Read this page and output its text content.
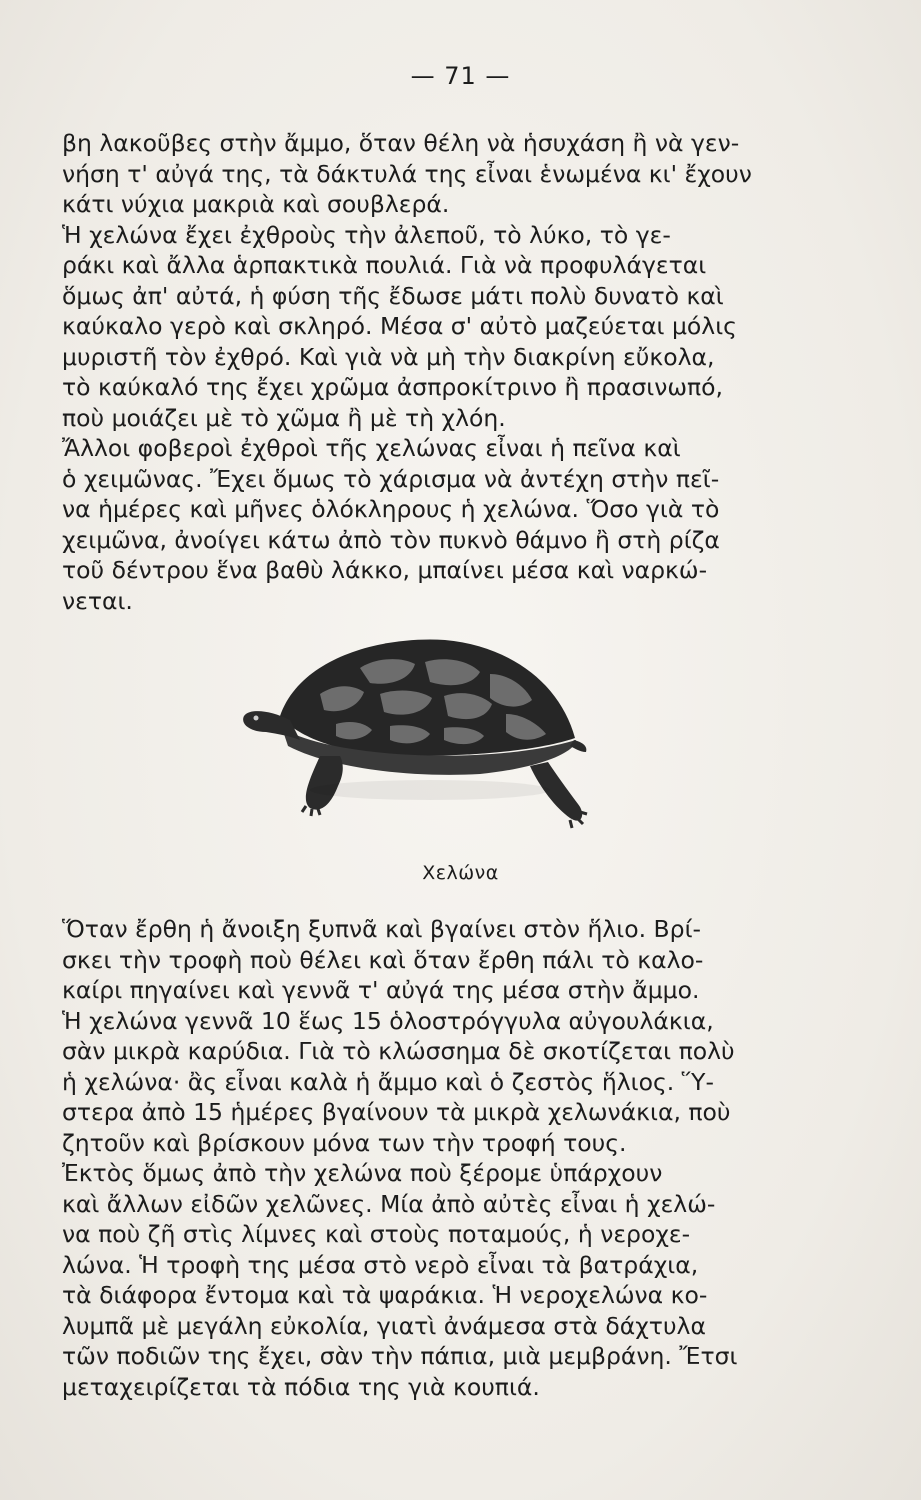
— 71 —

βη λακοῦβες στὴν ἄμμο, ὅταν θέλη νὰ ἡσυχάση ἢ νὰ γεν-
νήση τ' αὐγά της, τὰ δάκτυλά της εἶναι ἑνωμένα κι' ἔχουν
κάτι νύχια μακριὰ καὶ σουβλερά.
Ἡ χελώνα ἔχει ἐχθροὺς τὴν ἀλεποῦ, τὸ λύκο, τὸ γε-
ράκι καὶ ἄλλα ἁρπακτικὰ πουλιά. Γιὰ νὰ προφυλάγεται
ὅμως ἀπ' αὐτά, ἡ φύση τῆς ἔδωσε μάτι πολὺ δυνατὸ καὶ
καύκαλο γερὸ καὶ σκληρό. Μέσα σ' αὐτὸ μαζεύεται μόλις
μυριστῆ τὸν ἐχθρό. Καὶ γιὰ νὰ μὴ τὴν διακρίνη εὔκολα,
τὸ καύκαλό της ἔχει χρῶμα ἀσπροκίτρινο ἢ πρασινωπό,
ποὺ μοιάζει μὲ τὸ χῶμα ἢ μὲ τὴ χλόη.
Ἄλλοι φοβεροὶ ἐχθροὶ τῆς χελώνας εἶναι ἡ πεῖνα καὶ
ὁ χειμῶνας. Ἔχει ὅμως τὸ χάρισμα νὰ ἀντέχη στὴν πεῖ-
να ἡμέρες καὶ μῆνες ὁλόκληρους ἡ χελώνα. Ὅσο γιὰ τὸ
χειμῶνα, ἀνοίγει κάτω ἀπὸ τὸν πυκνὸ θάμνο ἢ στὴ ρίζα
τοῦ δέντρου ἕνα βαθὺ λάκκο, μπαίνει μέσα καὶ ναρκώ-
νεται.

Χελώνα

Ὅταν ἔρθη ἡ ἄνοιξη ξυπνᾶ καὶ βγαίνει στὸν ἥλιο. Βρί-
σκει τὴν τροφὴ ποὺ θέλει καὶ ὅταν ἔρθη πάλι τὸ καλο-
καίρι πηγαίνει καὶ γεννᾶ τ' αὐγά της μέσα στὴν ἄμμο.
Ἡ χελώνα γεννᾶ 10 ἕως 15 ὁλοστρόγγυλα αὐγουλάκια,
σὰν μικρὰ καρύδια. Γιὰ τὸ κλώσσημα δὲ σκοτίζεται πολὺ
ἡ χελώνα· ἂς εἶναι καλὰ ἡ ἄμμο καὶ ὁ ζεστὸς ἥλιος. Ὕ-
στερα ἀπὸ 15 ἡμέρες βγαίνουν τὰ μικρὰ χελωνάκια, ποὺ
ζητοῦν καὶ βρίσκουν μόνα των τὴν τροφή τους.
Ἐκτὸς ὅμως ἀπὸ τὴν χελώνα ποὺ ξέρομε ὑπάρχουν
καὶ ἄλλων εἰδῶν χελῶνες. Μία ἀπὸ αὐτὲς εἶναι ἡ χελώ-
να ποὺ ζῆ στὶς λίμνες καὶ στοὺς ποταμούς, ἡ νεροχε-
λώνα. Ἡ τροφὴ της μέσα στὸ νερὸ εἶναι τὰ βατράχια,
τὰ διάφορα ἔντομα καὶ τὰ ψαράκια. Ἡ νεροχελώνα κο-
λυμπᾶ μὲ μεγάλη εὐκολία, γιατὶ ἀνάμεσα στὰ δάχτυλα
τῶν ποδιῶν της ἔχει, σὰν τὴν πάπια, μιὰ μεμβράνη. Ἔτσι
μεταχειρίζεται τὰ πόδια της γιὰ κουπιά.
